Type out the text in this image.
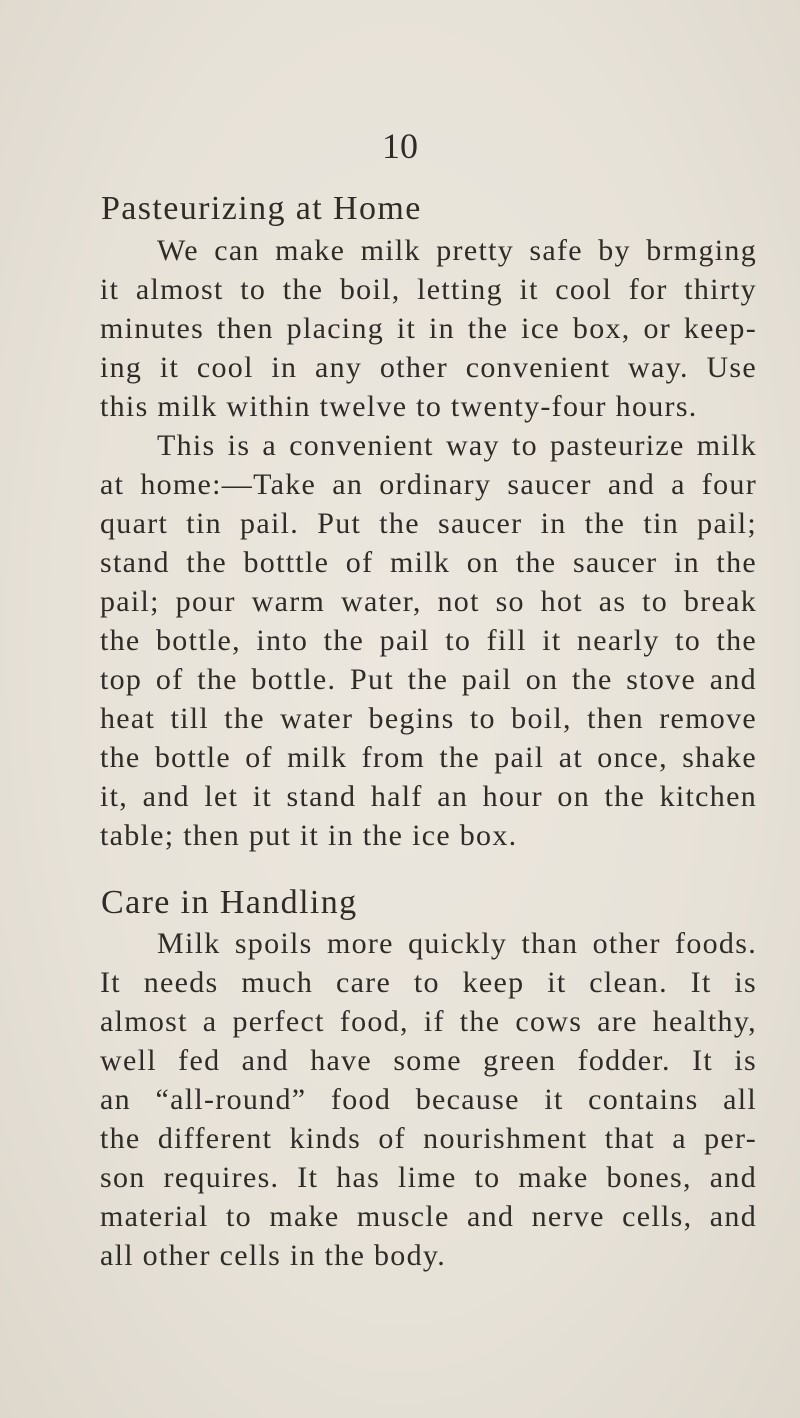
10
Pasteurizing at Home
We can make milk pretty safe by brmging
it almost to the boil, letting it cool for thirty
minutes then placing it in the ice box, or keep-
ing it cool in any other convenient way. Use
this milk within twelve to twenty-four hours.
This is a convenient way to pasteurize milk
at home:—Take an ordinary saucer and a four
quart tin pail. Put the saucer in the tin pail;
stand the botttle of milk on the saucer in the
pail; pour warm water, not so hot as to break
the bottle, into the pail to fill it nearly to the
top of the bottle. Put the pail on the stove and
heat till the water begins to boil, then remove
the bottle of milk from the pail at once, shake
it, and let it stand half an hour on the kitchen
table; then put it in the ice box.
Care in Handling
Milk spoils more quickly than other foods.
It needs much care to keep it clean. It is
almost a perfect food, if the cows are healthy,
well fed and have some green fodder. It is
an “all-round” food because it contains all
the different kinds of nourishment that a per-
son requires. It has lime to make bones, and
material to make muscle and nerve cells, and
all other cells in the body.
